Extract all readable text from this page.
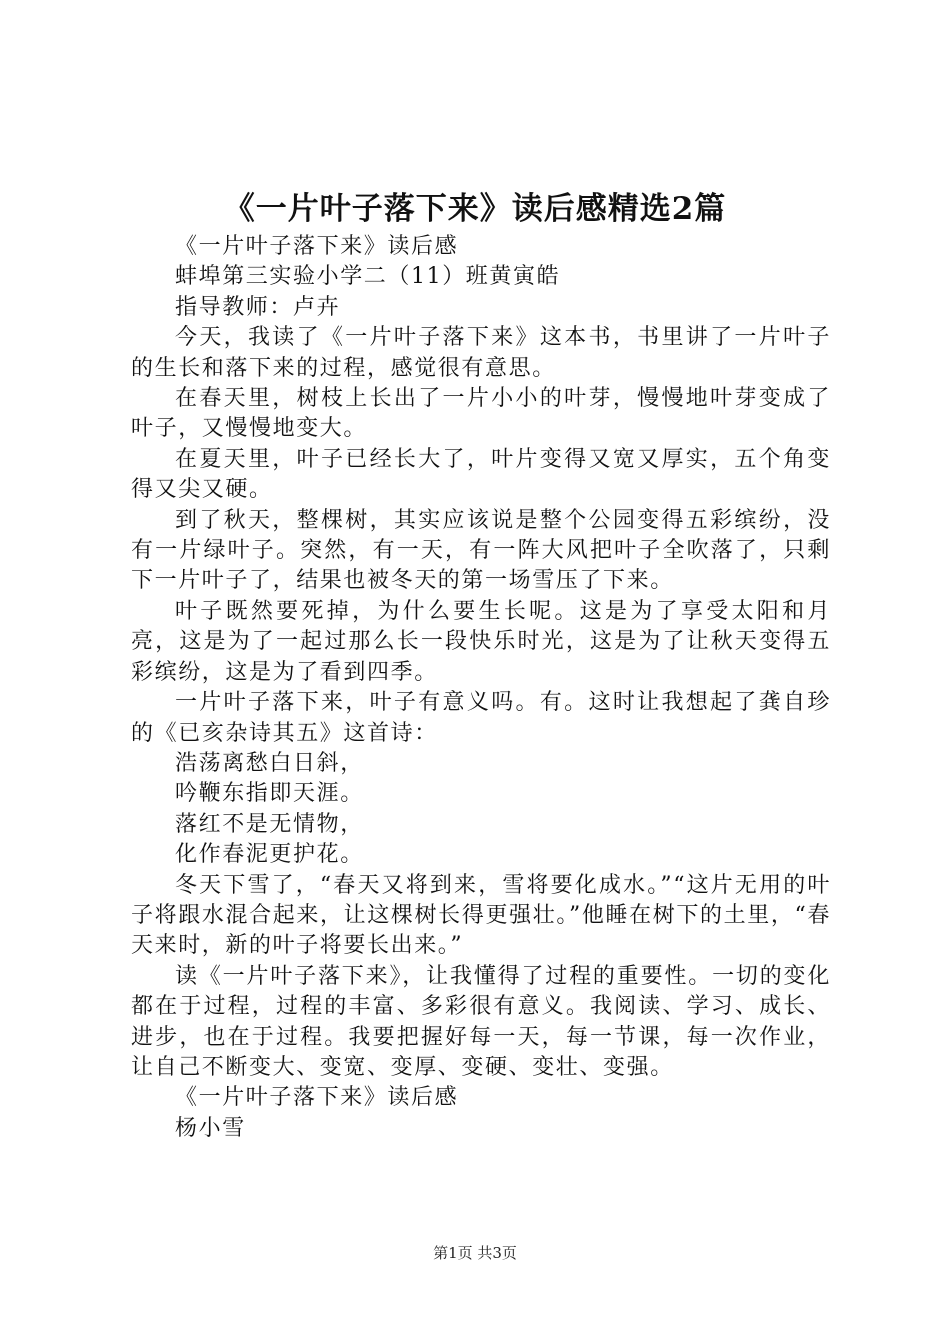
《一片叶子落下来》读后感精选2篇

《一片叶子落下来》读后感

蚌埠第三实验小学二（11）班黄寅皓

指导教师：卢卉

今天，我读了《一片叶子落下来》这本书，书里讲了一片叶子的生长和落下来的过程，感觉很有意思。

在春天里，树枝上长出了一片小小的叶芽，慢慢地叶芽变成了叶子，又慢慢地变大。

在夏天里，叶子已经长大了，叶片变得又宽又厚实，五个角变得又尖又硬。

到了秋天，整棵树，其实应该说是整个公园变得五彩缤纷，没有一片绿叶子。突然，有一天，有一阵大风把叶子全吹落了，只剩下一片叶子了，结果也被冬天的第一场雪压了下来。

叶子既然要死掉，为什么要生长呢。这是为了享受太阳和月亮，这是为了一起过那么长一段快乐时光，这是为了让秋天变得五彩缤纷，这是为了看到四季。

一片叶子落下来，叶子有意义吗。有。这时让我想起了龚自珍的《已亥杂诗其五》这首诗：

浩荡离愁白日斜，

吟鞭东指即天涯。

落红不是无情物，

化作春泥更护花。

冬天下雪了，“春天又将到来，雪将要化成水。”“这片无用的叶子将跟水混合起来，让这棵树长得更强壮。”他睡在树下的土里，“春天来时，新的叶子将要长出来。”

读《一片叶子落下来》，让我懂得了过程的重要性。一切的变化都在于过程，过程的丰富、多彩很有意义。我阅读、学习、成长、进步，也在于过程。我要把握好每一天，每一节课，每一次作业，让自己不断变大、变宽、变厚、变硬、变壮、变强。

《一片叶子落下来》读后感

杨小雪

第1页 共3页
